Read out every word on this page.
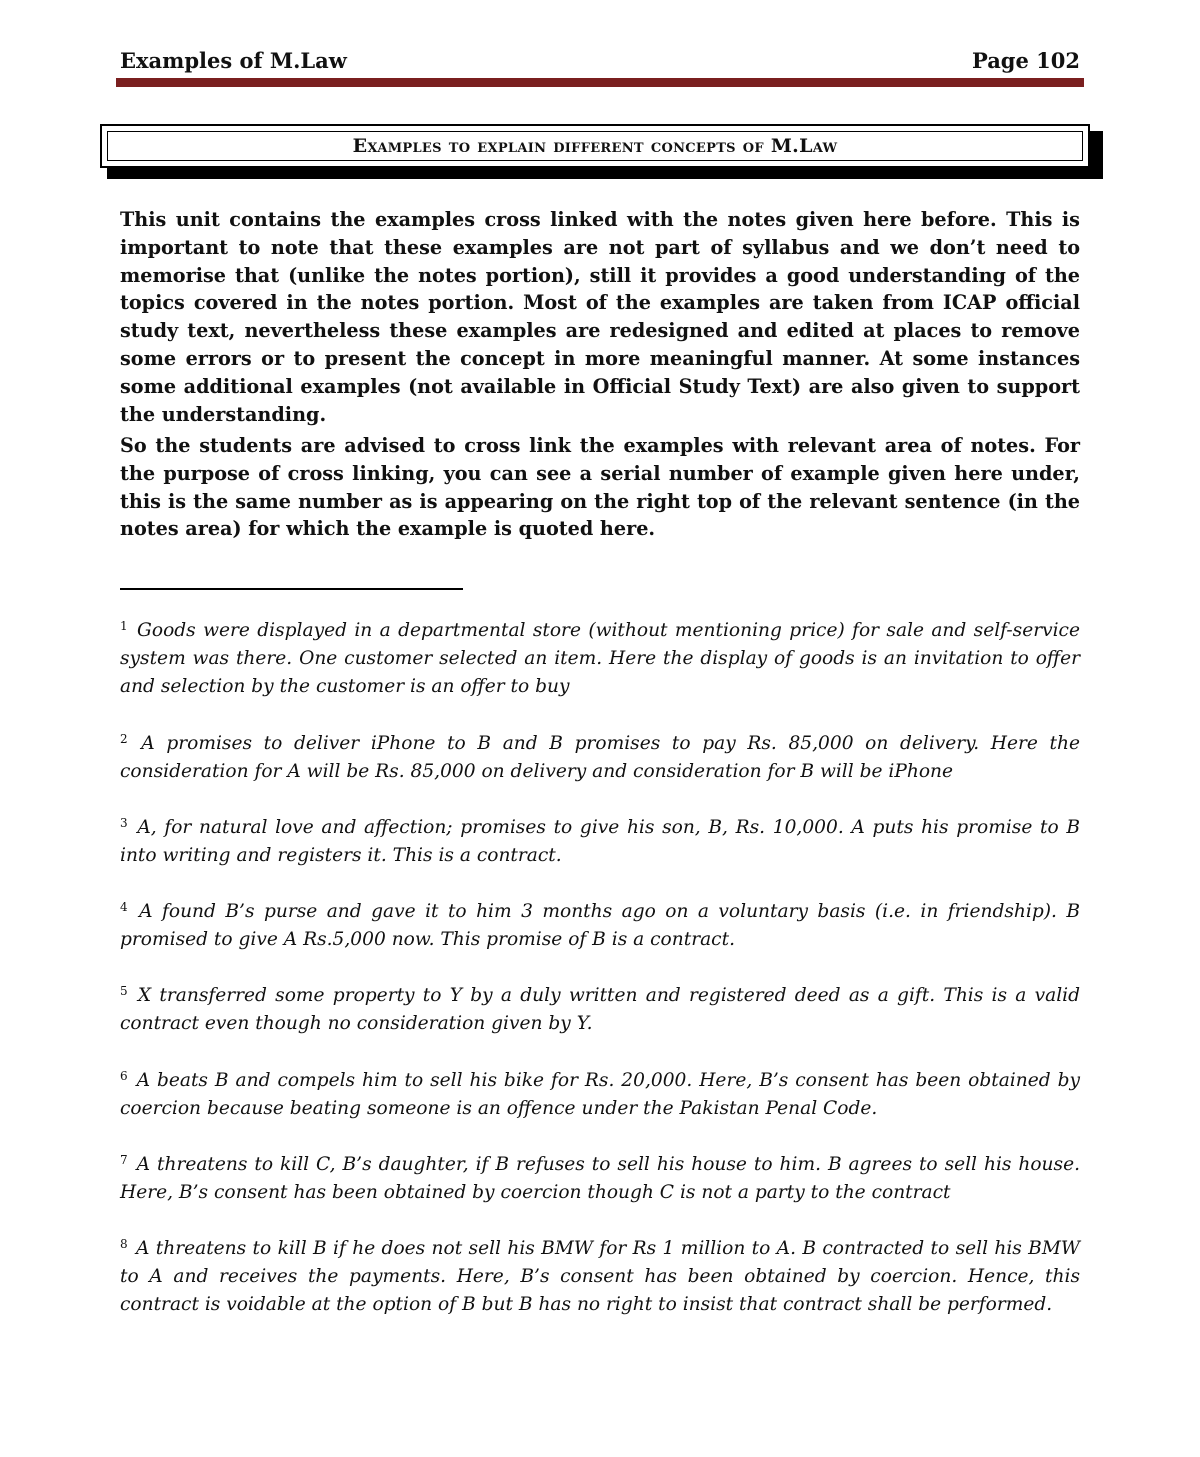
Examples of M.Law	Page 102
Examples to explain different concepts of M.Law
This unit contains the examples cross linked with the notes given here before. This is important to note that these examples are not part of syllabus and we don’t need to memorise that (unlike the notes portion), still it provides a good understanding of the topics covered in the notes portion. Most of the examples are taken from ICAP official study text, nevertheless these examples are redesigned and edited at places to remove some errors or to present the concept in more meaningful manner. At some instances some additional examples (not available in Official Study Text) are also given to support the understanding.
So the students are advised to cross link the examples with relevant area of notes. For the purpose of cross linking, you can see a serial number of example given here under, this is the same number as is appearing on the right top of the relevant sentence (in the notes area) for which the example is quoted here.
$^1$ Goods were displayed in a departmental store (without mentioning price) for sale and self-service system was there. One customer selected an item. Here the display of goods is an invitation to offer and selection by the customer is an offer to buy
$^2$ A promises to deliver iPhone to B and B promises to pay Rs. 85,000 on delivery. Here the consideration for A will be Rs. 85,000 on delivery and consideration for B will be iPhone
$^3$ A, for natural love and affection; promises to give his son, B, Rs. 10,000. A puts his promise to B into writing and registers it. This is a contract.
$^4$ A found B’s purse and gave it to him 3 months ago on a voluntary basis (i.e. in friendship). B promised to give A Rs.5,000 now. This promise of B is a contract.
$^5$ X transferred some property to Y by a duly written and registered deed as a gift. This is a valid contract even though no consideration given by Y.
$^6$ A beats B and compels him to sell his bike for Rs. 20,000. Here, B’s consent has been obtained by coercion because beating someone is an offence under the Pakistan Penal Code.
$^7$ A threatens to kill C, B’s daughter, if B refuses to sell his house to him. B agrees to sell his house. Here, B’s consent has been obtained by coercion though C is not a party to the contract
$^8$ A threatens to kill B if he does not sell his BMW for Rs 1 million to A. B contracted to sell his BMW to A and receives the payments. Here, B’s consent has been obtained by coercion. Hence, this contract is voidable at the option of B but B has no right to insist that contract shall be performed.
